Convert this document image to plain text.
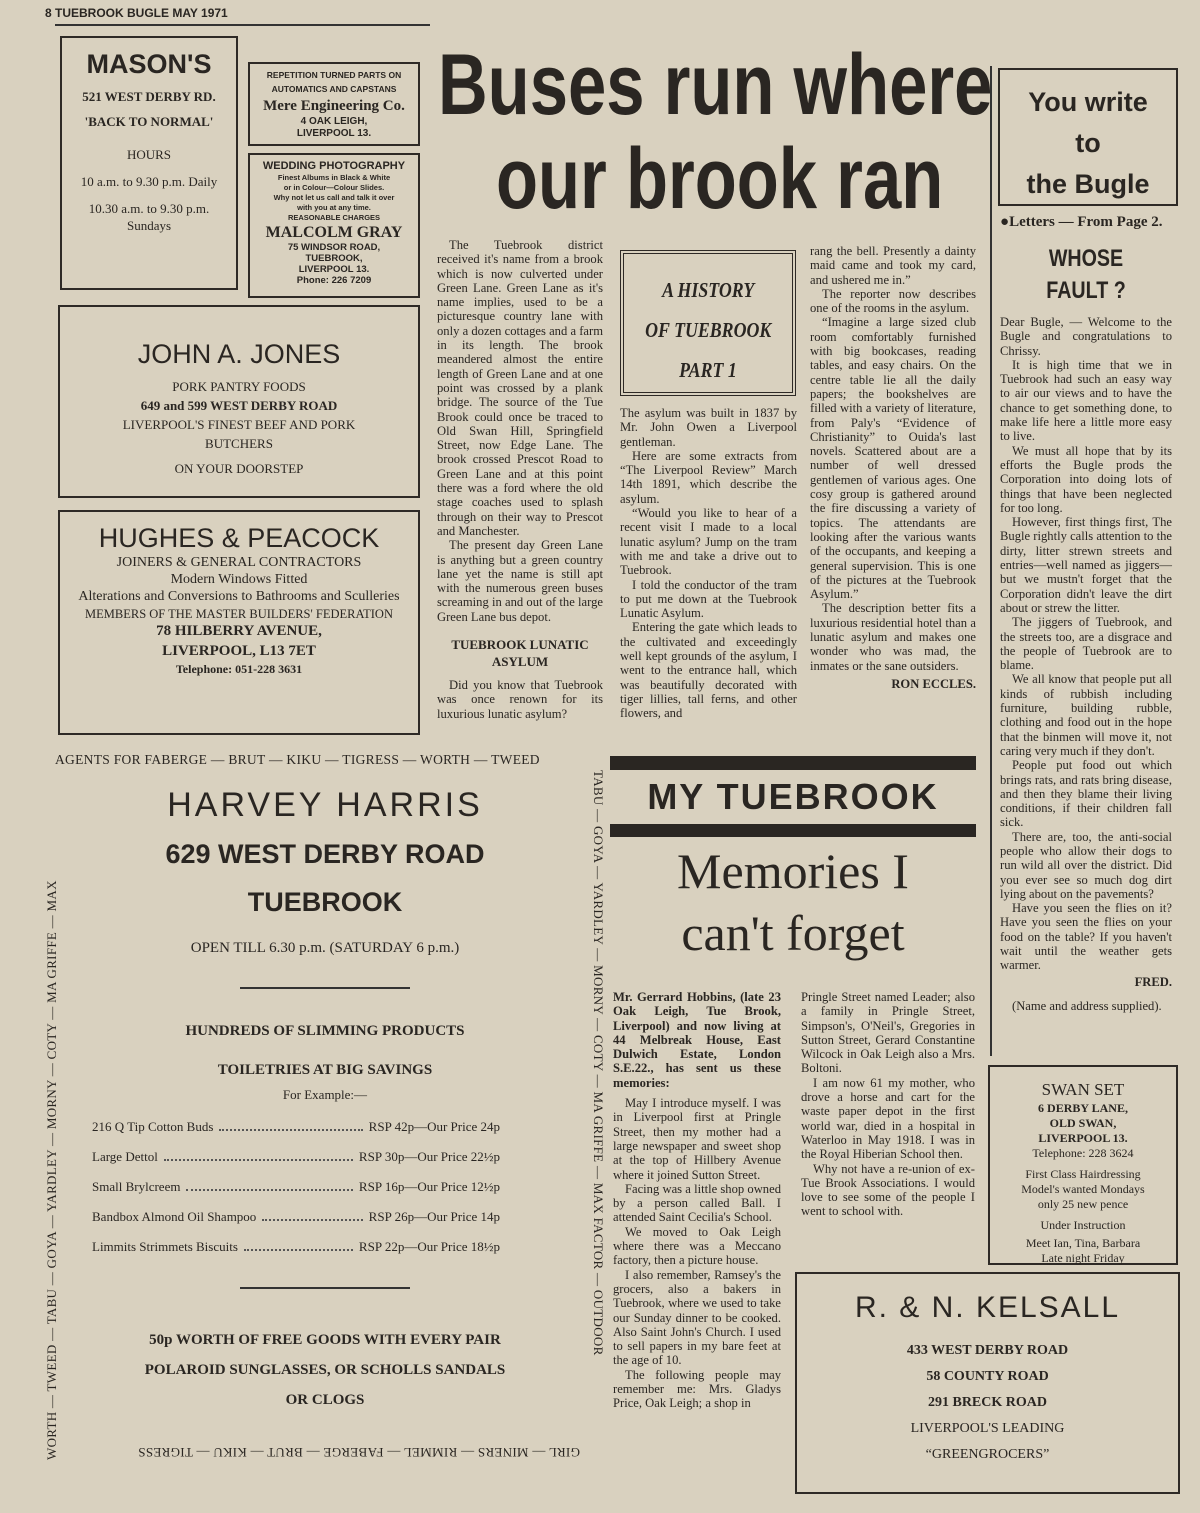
8 TUEBROOK BUGLE MAY 1971
MASON'S
521 WEST DERBY RD.
'BACK TO NORMAL'
HOURS
10 a.m. to 9.30 p.m. Daily
10.30 a.m. to 9.30 p.m. Sundays
REPETITION TURNED PARTS ON
AUTOMATICS AND CAPSTANS
Mere Engineering Co.
4 OAK LEIGH,
LIVERPOOL 13.
WEDDING PHOTOGRAPHY
Finest Albums in Black & White
or in Colour—Colour Slides.
Why not let us call and talk it over
with you at any time.
REASONABLE CHARGES
MALCOLM GRAY
75 WINDSOR ROAD,
TUEBROOK,
LIVERPOOL 13.
Phone: 226 7209
JOHN A. JONES
PORK PANTRY FOODS
649 and 599 WEST DERBY ROAD
LIVERPOOL'S FINEST BEEF AND PORK BUTCHERS
ON YOUR DOORSTEP
HUGHES & PEACOCK
JOINERS & GENERAL CONTRACTORS
Modern Windows Fitted
Alterations and Conversions to Bathrooms and Sculleries
MEMBERS OF THE MASTER BUILDERS' FEDERATION
78 HILBERRY AVENUE,
LIVERPOOL, L13 7ET
Telephone: 051-228 3631
Buses run where
our brook ran

The Tuebrook district received it's name from a brook which is now culverted under Green Lane. Green Lane as it's name implies, used to be a picturesque country lane with only a dozen cottages and a farm in its length. The brook meandered almost the entire length of Green Lane and at one point was crossed by a plank bridge. The source of the Tue Brook could once be traced to Old Swan Hill, Springfield Street, now Edge Lane. The brook crossed Prescot Road to Green Lane and at this point there was a ford where the old stage coaches used to splash through on their way to Prescot and Manchester.

The present day Green Lane is anything but a green country lane yet the name is still apt with the numerous green buses screaming in and out of the large Green Lane bus depot.

TUEBROOK LUNATIC ASYLUM

Did you know that Tuebrook was once renown for its luxurious lunatic asylum?

A HISTORY
OF TUEBROOK
PART 1

The asylum was built in 1837 by Mr. John Owen a Liverpool gentleman.

Here are some extracts from “The Liverpool Review” March 14th 1891, which describe the asylum.

“Would you like to hear of a recent visit I made to a local lunatic asylum? Jump on the tram with me and take a drive out to Tuebrook.

I told the conductor of the tram to put me down at the Tuebrook Lunatic Asylum.

Entering the gate which leads to the cultivated and exceedingly well kept grounds of the asylum, I went to the entrance hall, which was beautifully decorated with tiger lillies, tall ferns, and other flowers, and

rang the bell. Presently a dainty maid came and took my card, and ushered me in.”

The reporter now describes one of the rooms in the asylum.

“Imagine a large sized club room comfortably furnished with big bookcases, reading tables, and easy chairs. On the centre table lie all the daily papers; the bookshelves are filled with a variety of literature, from Paly's “Evidence of Christianity” to Ouida's last novels. Scattered about are a number of well dressed gentlemen of various ages. One cosy group is gathered around the fire discussing a variety of topics. The attendants are looking after the various wants of the occupants, and keeping a general supervision. This is one of the pictures at the Tuebrook Asylum.”

The description better fits a luxurious residential hotel than a lunatic asylum and makes one wonder who was mad, the inmates or the sane outsiders.

RON ECCLES.
You write
to
the Bugle
●Letters — From Page 2.
WHOSE FAULT ?

Dear Bugle, — Welcome to the Bugle and congratulations to Chrissy.

It is high time that we in Tuebrook had such an easy way to air our views and to have the chance to get something done, to make life here a little more easy to live.

We must all hope that by its efforts the Bugle prods the Corporation into doing lots of things that have been neglected for too long.

However, first things first, The Bugle rightly calls attention to the dirty, litter strewn streets and entries—well named as jiggers—but we mustn't forget that the Corporation didn't leave the dirt about or strew the litter.

The jiggers of Tuebrook, and the streets too, are a disgrace and the people of Tuebrook are to blame.

We all know that people put all kinds of rubbish including furniture, building rubble, clothing and food out in the hope that the binmen will move it, not caring very much if they don't.

People put food out which brings rats, and rats bring disease, and then they blame their living conditions, if their children fall sick.

There are, too, the anti-social people who allow their dogs to run wild all over the district. Did you ever see so much dog dirt lying about on the pavements?

Have you seen the flies on it? Have you seen the flies on your food on the table? If you haven't wait until the weather gets warmer.

FRED.

(Name and address supplied).

AGENTS FOR FABERGE — BRUT — KIKU — TIGRESS — WORTH — TWEED
WORTH — TWEED — TABU — GOYA — YARDLEY — MORNY — COTY — MA GRIFFE — MAX	TABU — GOYA — YARDLEY — MORNY — COTY — MA GRIFFE — MAX FACTOR — OUTDOOR
GIRL — MINERS — RIMMEL — FABERGE — BRUT — KIKU — TIGRESS
HARVEY HARRIS
629 WEST DERBY ROAD
TUEBROOK
OPEN TILL 6.30 p.m. (SATURDAY 6 p.m.)
HUNDREDS OF SLIMMING PRODUCTS
TOILETRIES AT BIG SAVINGS
For Example:—
216 Q Tip Cotton Buds	RSP 42p—Our Price 24p
Large Dettol	RSP 30p—Our Price 22½p
Small Brylcreem	RSP 16p—Our Price 12½p
Bandbox Almond Oil Shampoo	RSP 26p—Our Price 14p
Limmits Strimmets Biscuits	RSP 22p—Our Price 18½p
50p WORTH OF FREE GOODS WITH EVERY PAIR
POLAROID SUNGLASSES, OR SCHOLLS SANDALS
OR CLOGS
MY TUEBROOK
Memories I
can't forget

Mr. Gerrard Hobbins, (late 23 Oak Leigh, Tue Brook, Liverpool) and now living at 44 Melbreak House, East Dulwich Estate, London S.E.22., has sent us these memories:

May I introduce myself. I was in Liverpool first at Pringle Street, then my mother had a large newspaper and sweet shop at the top of Hillbery Avenue where it joined Sutton Street.

Facing was a little shop owned by a person called Ball. I attended Saint Cecilia's School.

We moved to Oak Leigh where there was a Meccano factory, then a picture house.

I also remember, Ramsey's the grocers, also a bakers in Tuebrook, where we used to take our Sunday dinner to be cooked. Also Saint John's Church. I used to sell papers in my bare feet at the age of 10.

The following people may remember me: Mrs. Gladys Price, Oak Leigh; a shop in

Pringle Street named Leader; also a family in Pringle Street, Simpson's, O'Neil's, Gregories in Sutton Street, Gerard Constantine Wilcock in Oak Leigh also a Mrs. Boltoni.

I am now 61 my mother, who drove a horse and cart for the waste paper depot in the first world war, died in a hospital in Waterloo in May 1918. I was in the Royal Hiberian School then.

Why not have a re-union of ex-Tue Brook Associations. I would love to see some of the people I went to school with.

SWAN SET
6 DERBY LANE,
OLD SWAN,
LIVERPOOL 13.
Telephone: 228 3624
First Class Hairdressing
Model's wanted Mondays
only 25 new pence
Under Instruction
Meet Ian, Tina, Barbara
Late night Friday
R. & N. KELSALL
433 WEST DERBY ROAD
58 COUNTY ROAD
291 BRECK ROAD
LIVERPOOL'S LEADING
“GREENGROCERS”
